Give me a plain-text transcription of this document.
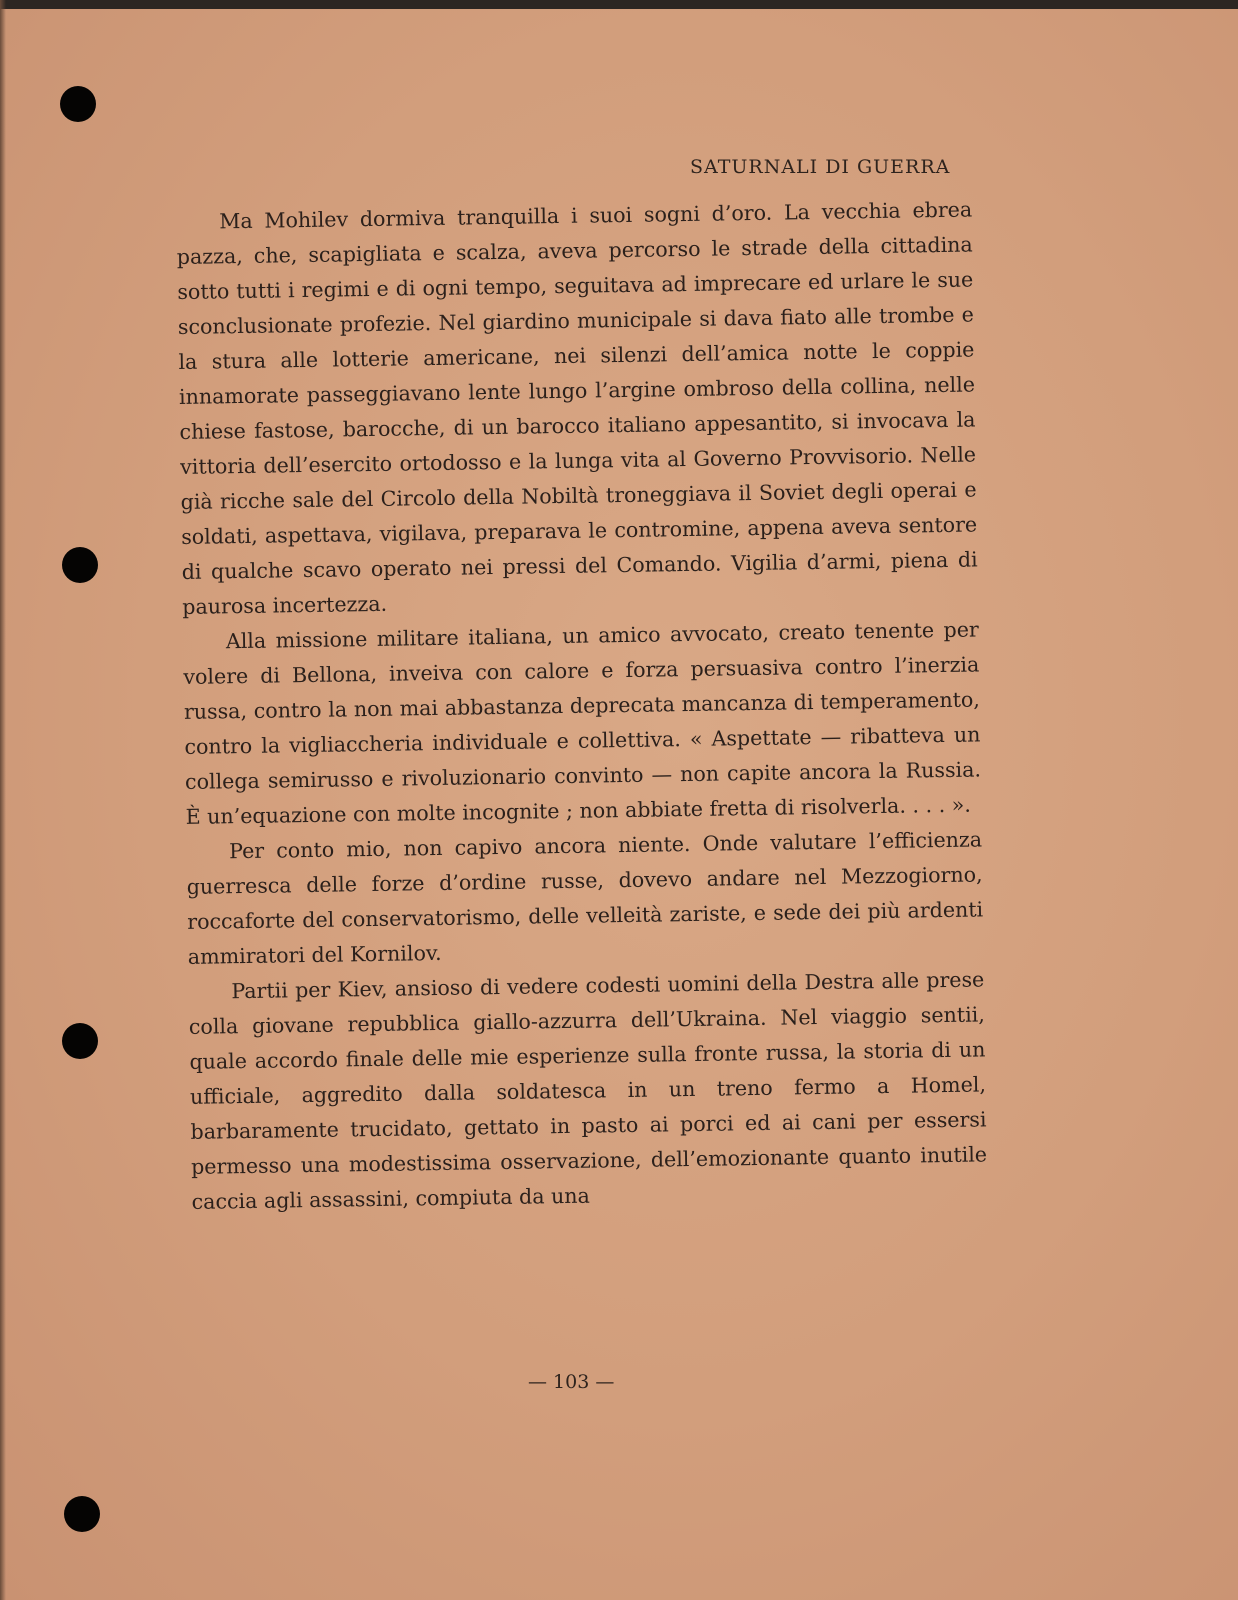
SATURNALI DI GUERRA

Ma Mohilev dormiva tranquilla i suoi sogni d’oro. La vecchia ebrea pazza, che, scapigliata e scalza, aveva percorso le strade della cittadina sotto tutti i regimi e di ogni tempo, seguitava ad imprecare ed urlare le sue sconclusionate profezie. Nel giardino municipale si dava fiato alle trombe e la stura alle lotterie americane, nei silenzi dell’amica notte le coppie innamorate passeggiavano lente lungo l’argine ombroso della collina, nelle chiese fastose, barocche, di un barocco italiano appesantito, si invocava la vittoria dell’esercito ortodosso e la lunga vita al Governo Provvisorio. Nelle già ricche sale del Circolo della Nobiltà troneggiava il Soviet degli operai e soldati, aspettava, vigilava, preparava le contromine, appena aveva sentore di qualche scavo operato nei pressi del Comando. Vigilia d’armi, piena di paurosa incertezza.

Alla missione militare italiana, un amico avvocato, creato tenente per volere di Bellona, inveiva con calore e forza persuasiva contro l’inerzia russa, contro la non mai abbastanza deprecata mancanza di temperamento, contro la vigliaccheria individuale e collettiva. « Aspettate — ribatteva un collega semirusso e rivoluzionario convinto — non capite ancora la Russia. È un’equazione con molte incognite ; non abbiate fretta di risolverla. . . . ».

Per conto mio, non capivo ancora niente. Onde valutare l’efficienza guerresca delle forze d’ordine russe, dovevo andare nel Mezzogiorno, roccaforte del conservatorismo, delle velleità zariste, e sede dei più ardenti ammiratori del Kornilov.

Partii per Kiev, ansioso di vedere codesti uomini della Destra alle prese colla giovane repubblica giallo-azzurra dell’Ukraina. Nel viaggio sentii, quale accordo finale delle mie esperienze sulla fronte russa, la storia di un ufficiale, aggredito dalla soldatesca in un treno fermo a Homel, barbaramente trucidato, gettato in pasto ai porci ed ai cani per essersi permesso una modestissima osservazione, dell’emozionante quanto inutile caccia agli assassini, compiuta da una

— 103 —
